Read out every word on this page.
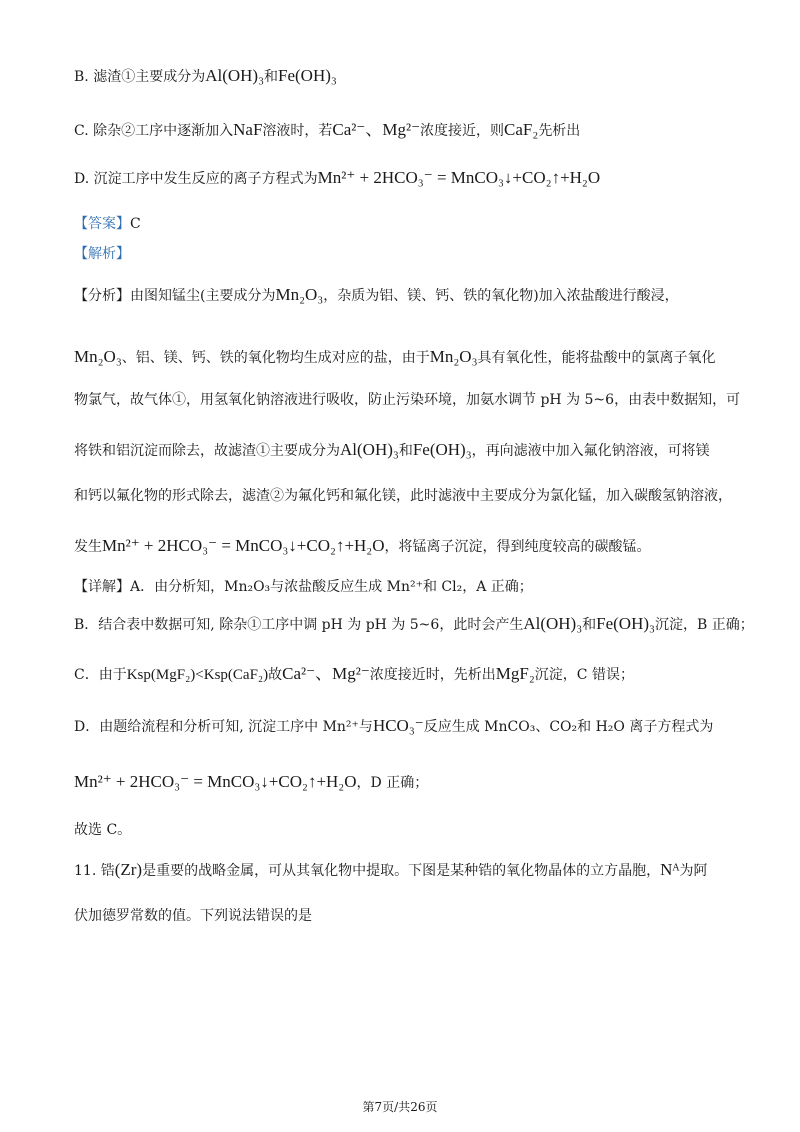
B. 滤渣①主要成分为Al(OH)₃和Fe(OH)₃
C. 除杂②工序中逐渐加入NaF溶液时，若Ca²⁻、Mg²⁻浓度接近，则CaF₂先析出
D. 沉淀工序中发生反应的离子方程式为Mn²⁺ + 2HCO₃⁻ = MnCO₃↓+CO₂↑+H₂O
【答案】C
【解析】
【分析】由图知锰尘(主要成分为Mn₂O₃，杂质为铝、镁、钙、铁的氧化物)加入浓盐酸进行酸浸，
Mn₂O₃、铝、镁、钙、铁的氧化物均生成对应的盐，由于Mn₂O₃具有氧化性，能将盐酸中的氯离子氧化
物氯气，故气体①，用氢氧化钠溶液进行吸收，防止污染环境，加氨水调节 pH 为 5~6，由表中数据知，可
将铁和铝沉淀而除去，故滤渣①主要成分为Al(OH)₃和Fe(OH)₃，再向滤液中加入氟化钠溶液，可将镁
和钙以氟化物的形式除去，滤渣②为氟化钙和氟化镁，此时滤液中主要成分为氯化锰，加入碳酸氢钠溶液，
发生Mn²⁺ + 2HCO₃⁻ = MnCO₃↓+CO₂↑+H₂O，将锰离子沉淀，得到纯度较高的碳酸锰。
【详解】A．由分析知，Mn₂O₃与浓盐酸反应生成 Mn²⁺和 Cl₂，A 正确；
B．结合表中数据可知, 除杂①工序中调 pH 为 pH 为 5~6，此时会产生Al(OH)₃和Fe(OH)₃沉淀，B 正确；
C．由于Ksp(MgF₂)<Ksp(CaF₂)故Ca²⁻、Mg²⁻浓度接近时，先析出MgF₂沉淀，C 错误；
D．由题给流程和分析可知, 沉淀工序中 Mn²⁺与HCO₃⁻反应生成 MnCO₃、CO₂和 H₂O 离子方程式为
Mn²⁺ + 2HCO₃⁻ = MnCO₃↓+CO₂↑+H₂O，D 正确；
故选 C。
11. 锆(Zr)是重要的战略金属，可从其氧化物中提取。下图是某种锆的氧化物晶体的立方晶胞，Nᴬ为阿
伏加德罗常数的值。下列说法错误的是
第7页/共26页
